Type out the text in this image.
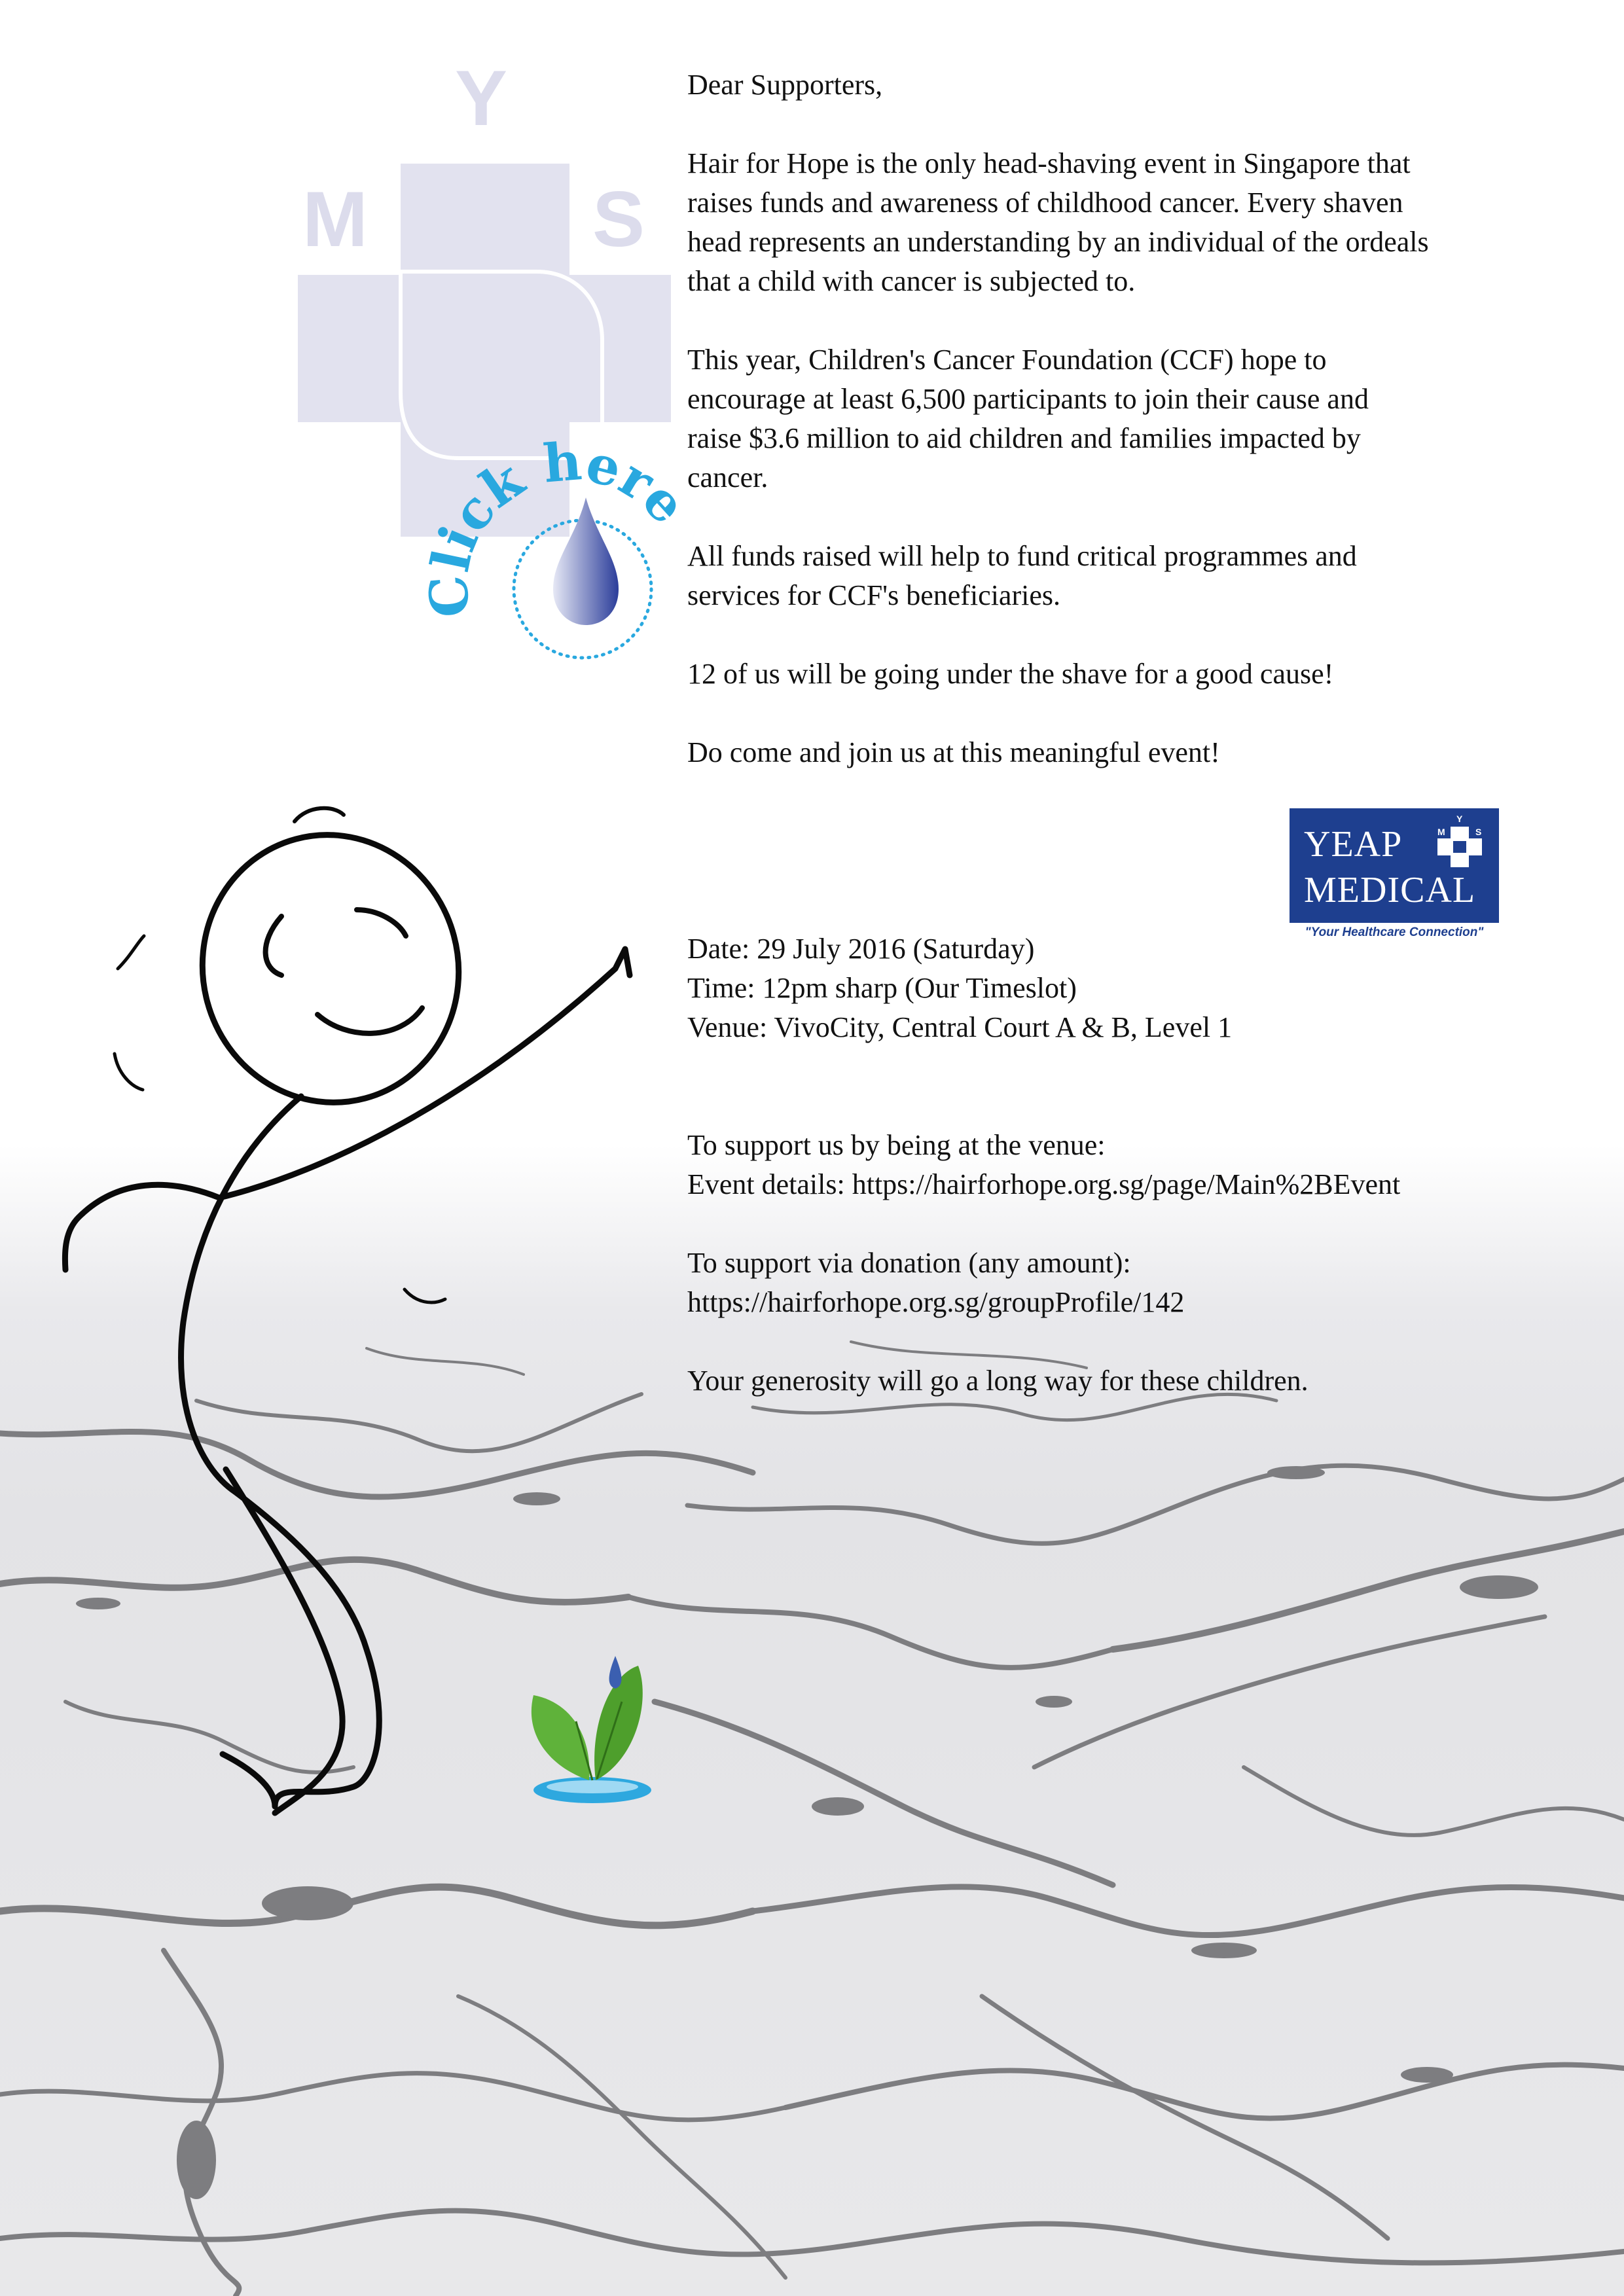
Y
M	S
lick here

Dear Supporters,

Hair for Hope is the only head-shaving event in Singapore that
raises funds and awareness of childhood cancer. Every shaven
head represents an understanding by an individual of the ordeals
that a child with cancer is subjected to.

This year, Children's Cancer Foundation (CCF) hope to
encourage at least 6,500 participants to join their cause and
raise $3.6 million to aid children and families impacted by
cancer.

All funds raised will help to fund critical programmes and
services for CCF's beneficiaries.

12 of us will be going under the shave for a good cause!

Do come and join us at this meaningful event!

YEAP
MEDICAL
Y
M	S
"Your Healthcare Connection"

Date: 29 July 2016 (Saturday)

Time: 12pm sharp (Our Timeslot)

Venue: VivoCity, Central Court A & B, Level 1

To support us by being at the venue:

Event details: https://hairforhope.org.sg/page/Main%2BEvent

To support via donation (any amount):

https://hairforhope.org.sg/groupProfile/142

Your generosity will go a long way for these children.
